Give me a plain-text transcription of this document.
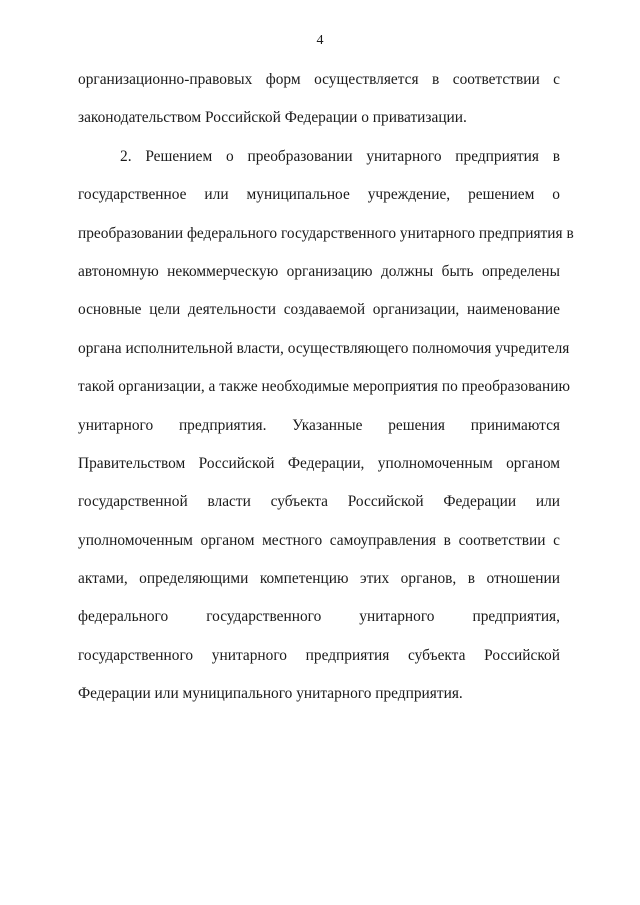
4
организационно-правовых форм осуществляется в соответствии с
законодательством Российской Федерации о приватизации.
2. Решением о преобразовании унитарного предприятия в
государственное или муниципальное учреждение, решением о
преобразовании федерального государственного унитарного предприятия в
автономную некоммерческую организацию должны быть определены
основные цели деятельности создаваемой организации, наименование
органа исполнительной власти, осуществляющего полномочия учредителя
такой организации, а также необходимые мероприятия по преобразованию
унитарного предприятия. Указанные решения принимаются
Правительством Российской Федерации, уполномоченным органом
государственной власти субъекта Российской Федерации или
уполномоченным органом местного самоуправления в соответствии с
актами, определяющими компетенцию этих органов, в отношении
федерального государственного унитарного предприятия,
государственного унитарного предприятия субъекта Российской
Федерации или муниципального унитарного предприятия.
